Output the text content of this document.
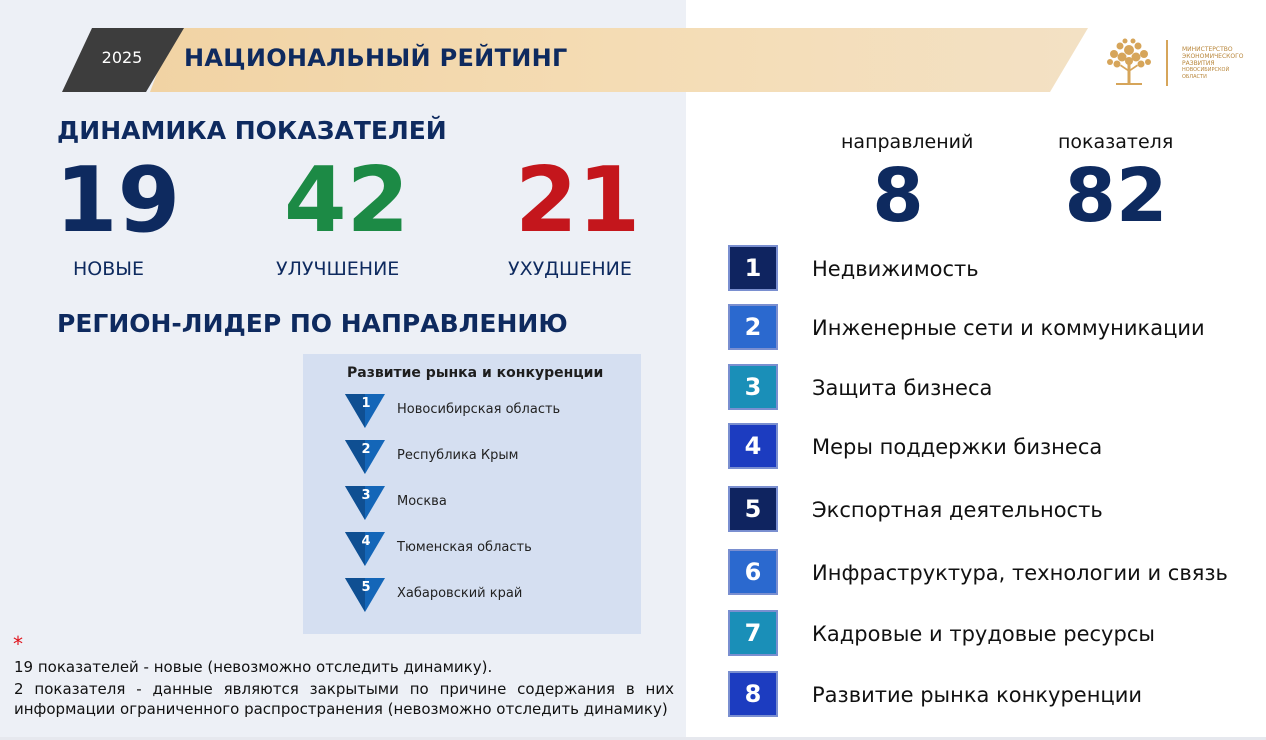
2025 НАЦИОНАЛЬНЫЙ РЕЙТИНГ	МИНИСТЕРСТВО
ЭКОНОМИЧЕСКОГО
РАЗВИТИЯ
НОВОСИБИРСКОЙ ОБЛАСТИ
ДИНАМИКА ПОКАЗАТЕЛЕЙ
19 42 21
НОВЫЕ	УЛУЧШЕНИЕ	УХУДШЕНИЕ
РЕГИОН-ЛИДЕР ПО НАПРАВЛЕНИЮ
Развитие рынка и конкуренции
1 Новосибирская область
2 Республика Крым
3 Москва
4 Тюменская область
5 Хабаровский край
*
19 показателей - новые (невозможно отследить динамику).
2 показателя - данные являются закрытыми по причине содержания в них информации ограниченного распространения (невозможно отследить динамику)
направлений
8
показателя
82
1	Недвижимость
2	Инженерные сети и коммуникации
3	Защита бизнеса
4	Меры поддержки бизнеса
5	Экспортная деятельность
6	Инфраструктура, технологии и связь
7	Кадровые и трудовые ресурсы
8	Развитие рынка конкуренции
